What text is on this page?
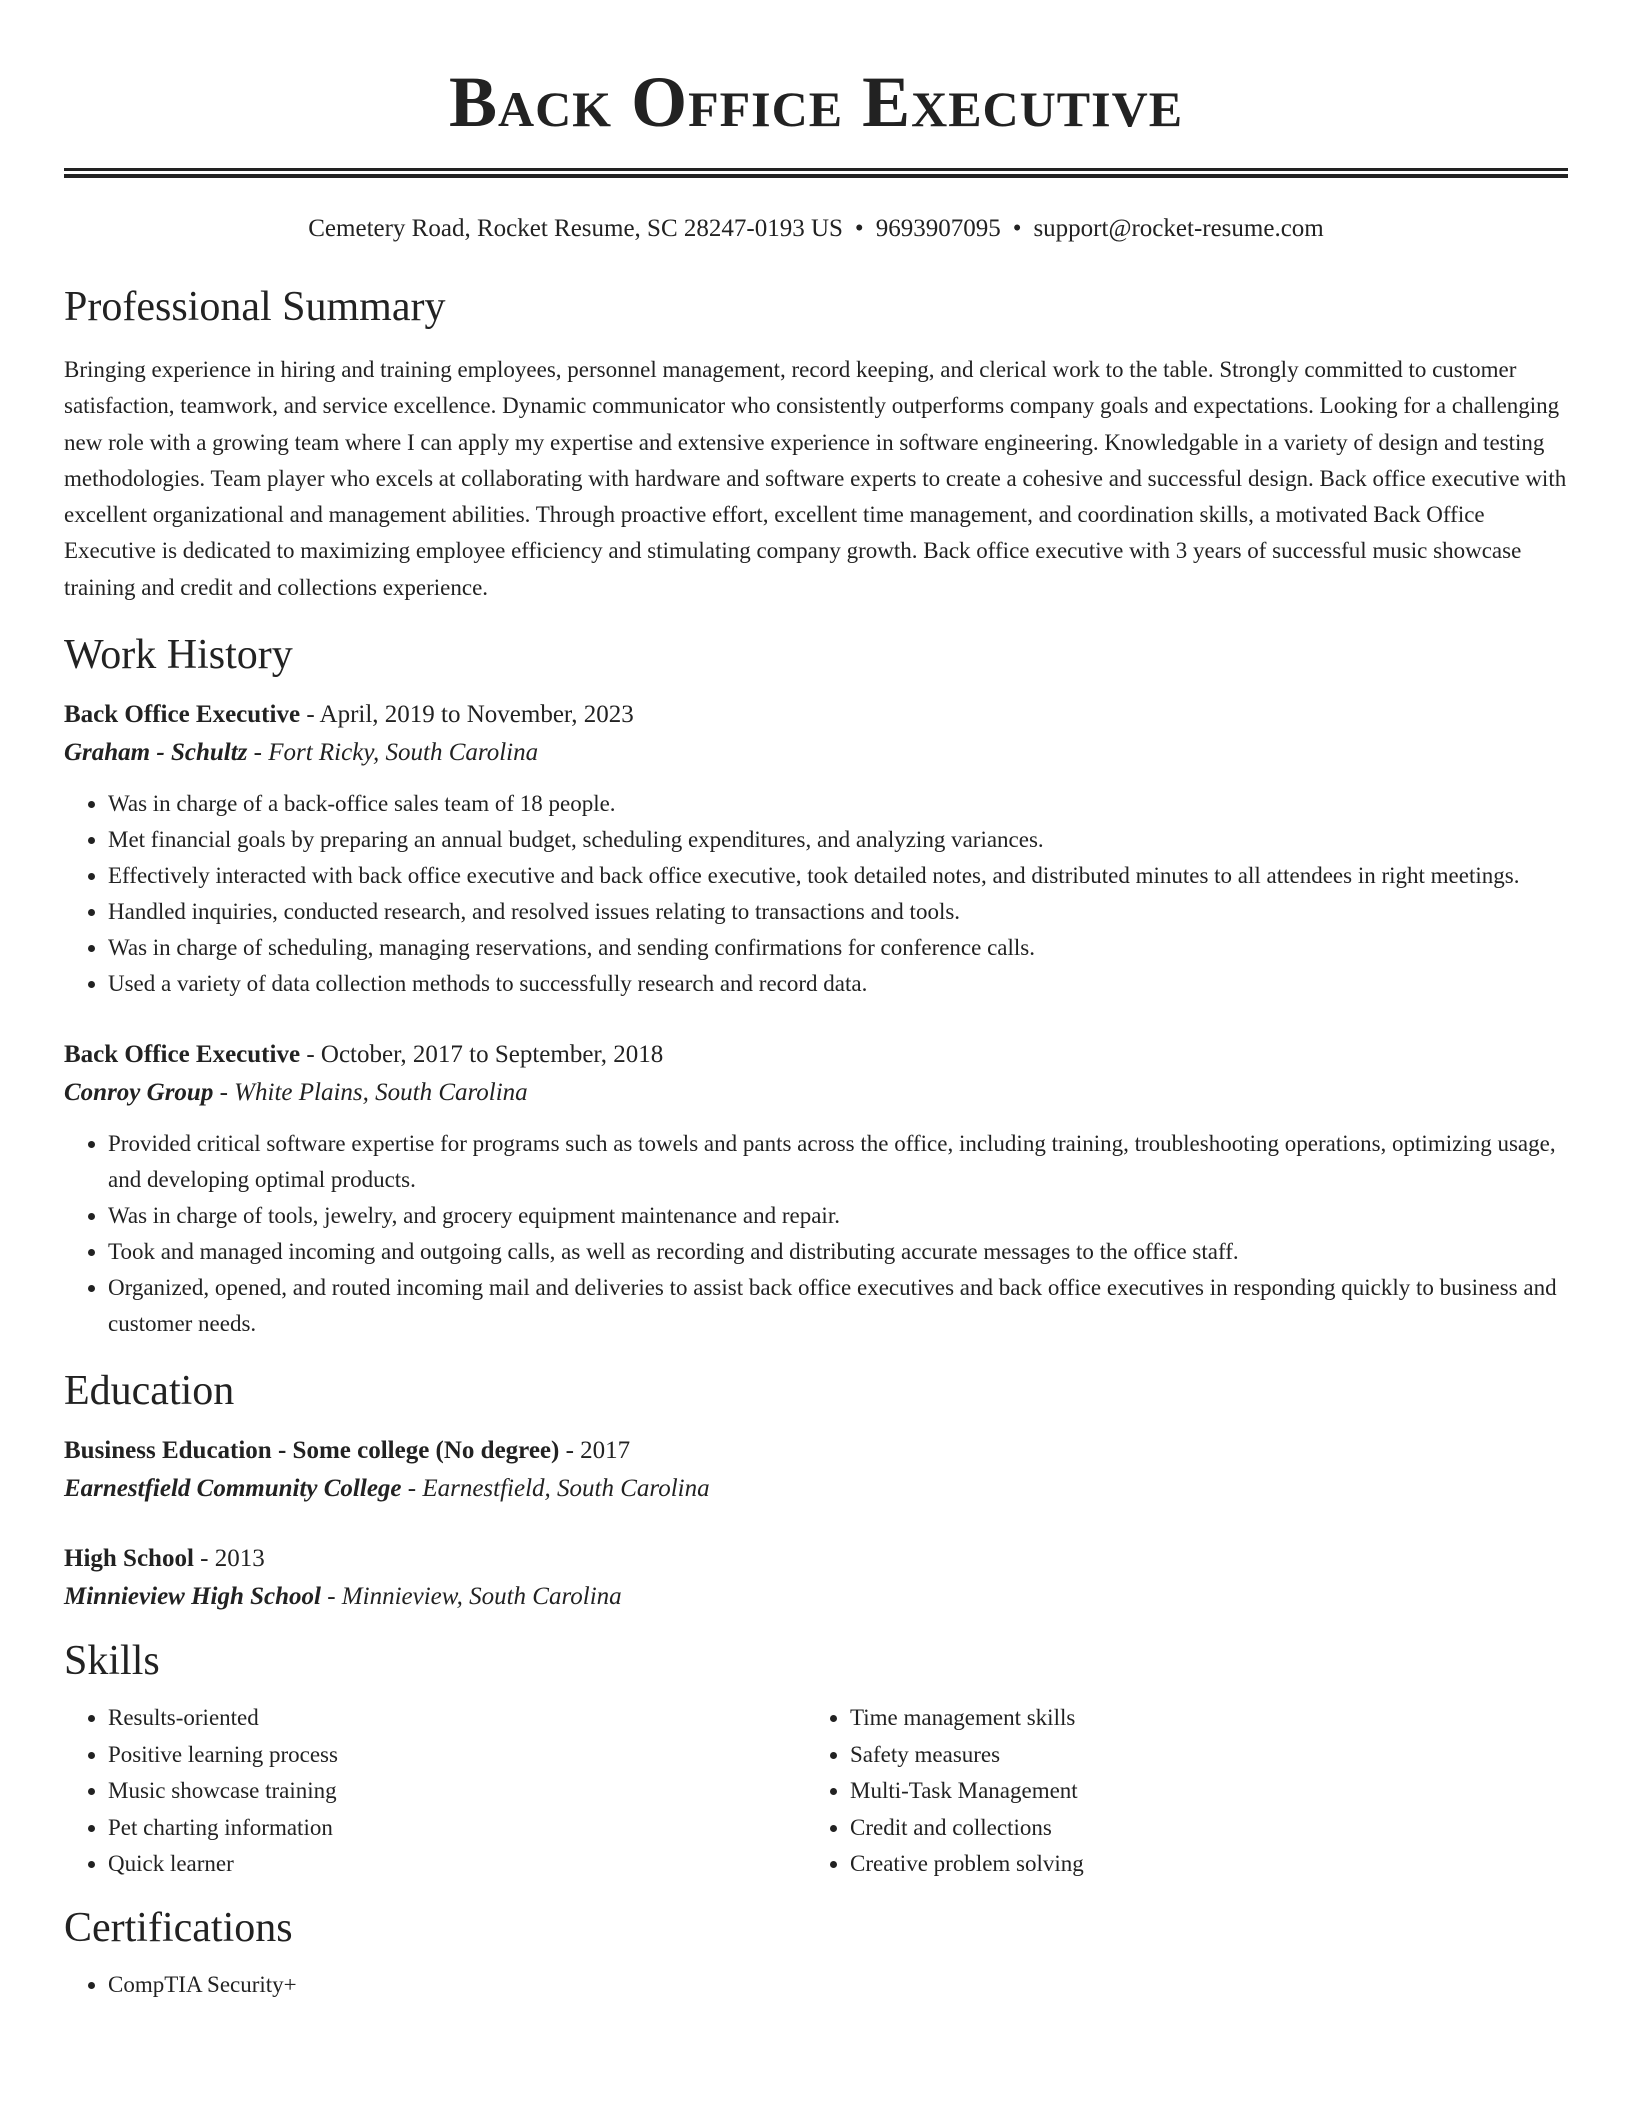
Back Office Executive
Cemetery Road, Rocket Resume, SC 28247-0193 US • 9693907095 • support@rocket-resume.com
Professional Summary

Bringing experience in hiring and training employees, personnel management, record keeping, and clerical work to the table. Strongly committed to customer satisfaction, teamwork, and service excellence. Dynamic communicator who consistently outperforms company goals and expectations. Looking for a challenging new role with a growing team where I can apply my expertise and extensive experience in software engineering. Knowledgable in a variety of design and testing methodologies. Team player who excels at collaborating with hardware and software experts to create a cohesive and successful design. Back office executive with excellent organizational and management abilities. Through proactive effort, excellent time management, and coordination skills, a motivated Back Office Executive is dedicated to maximizing employee efficiency and stimulating company growth. Back office executive with 3 years of successful music showcase training and credit and collections experience.

Work History
Back Office Executive - April, 2019 to November, 2023
Graham - Schultz - Fort Ricky, South Carolina
• Was in charge of a back-office sales team of 18 people.
• Met financial goals by preparing an annual budget, scheduling expenditures, and analyzing variances.
• Effectively interacted with back office executive and back office executive, took detailed notes, and distributed minutes to all attendees in right meetings.
• Handled inquiries, conducted research, and resolved issues relating to transactions and tools.
• Was in charge of scheduling, managing reservations, and sending confirmations for conference calls.
• Used a variety of data collection methods to successfully research and record data.
Back Office Executive - October, 2017 to September, 2018
Conroy Group - White Plains, South Carolina
• Provided critical software expertise for programs such as towels and pants across the office, including training, troubleshooting operations, optimizing usage, and developing optimal products.
• Was in charge of tools, jewelry, and grocery equipment maintenance and repair.
• Took and managed incoming and outgoing calls, as well as recording and distributing accurate messages to the office staff.
• Organized, opened, and routed incoming mail and deliveries to assist back office executives and back office executives in responding quickly to business and customer needs.
Education
Business Education - Some college (No degree) - 2017
Earnestfield Community College - Earnestfield, South Carolina
High School - 2013
Minnieview High School - Minnieview, South Carolina
Skills
• Results-oriented
• Positive learning process
• Music showcase training
• Pet charting information
• Quick learner
• Time management skills
• Safety measures
• Multi-Task Management
• Credit and collections
• Creative problem solving
Certifications
• CompTIA Security+
